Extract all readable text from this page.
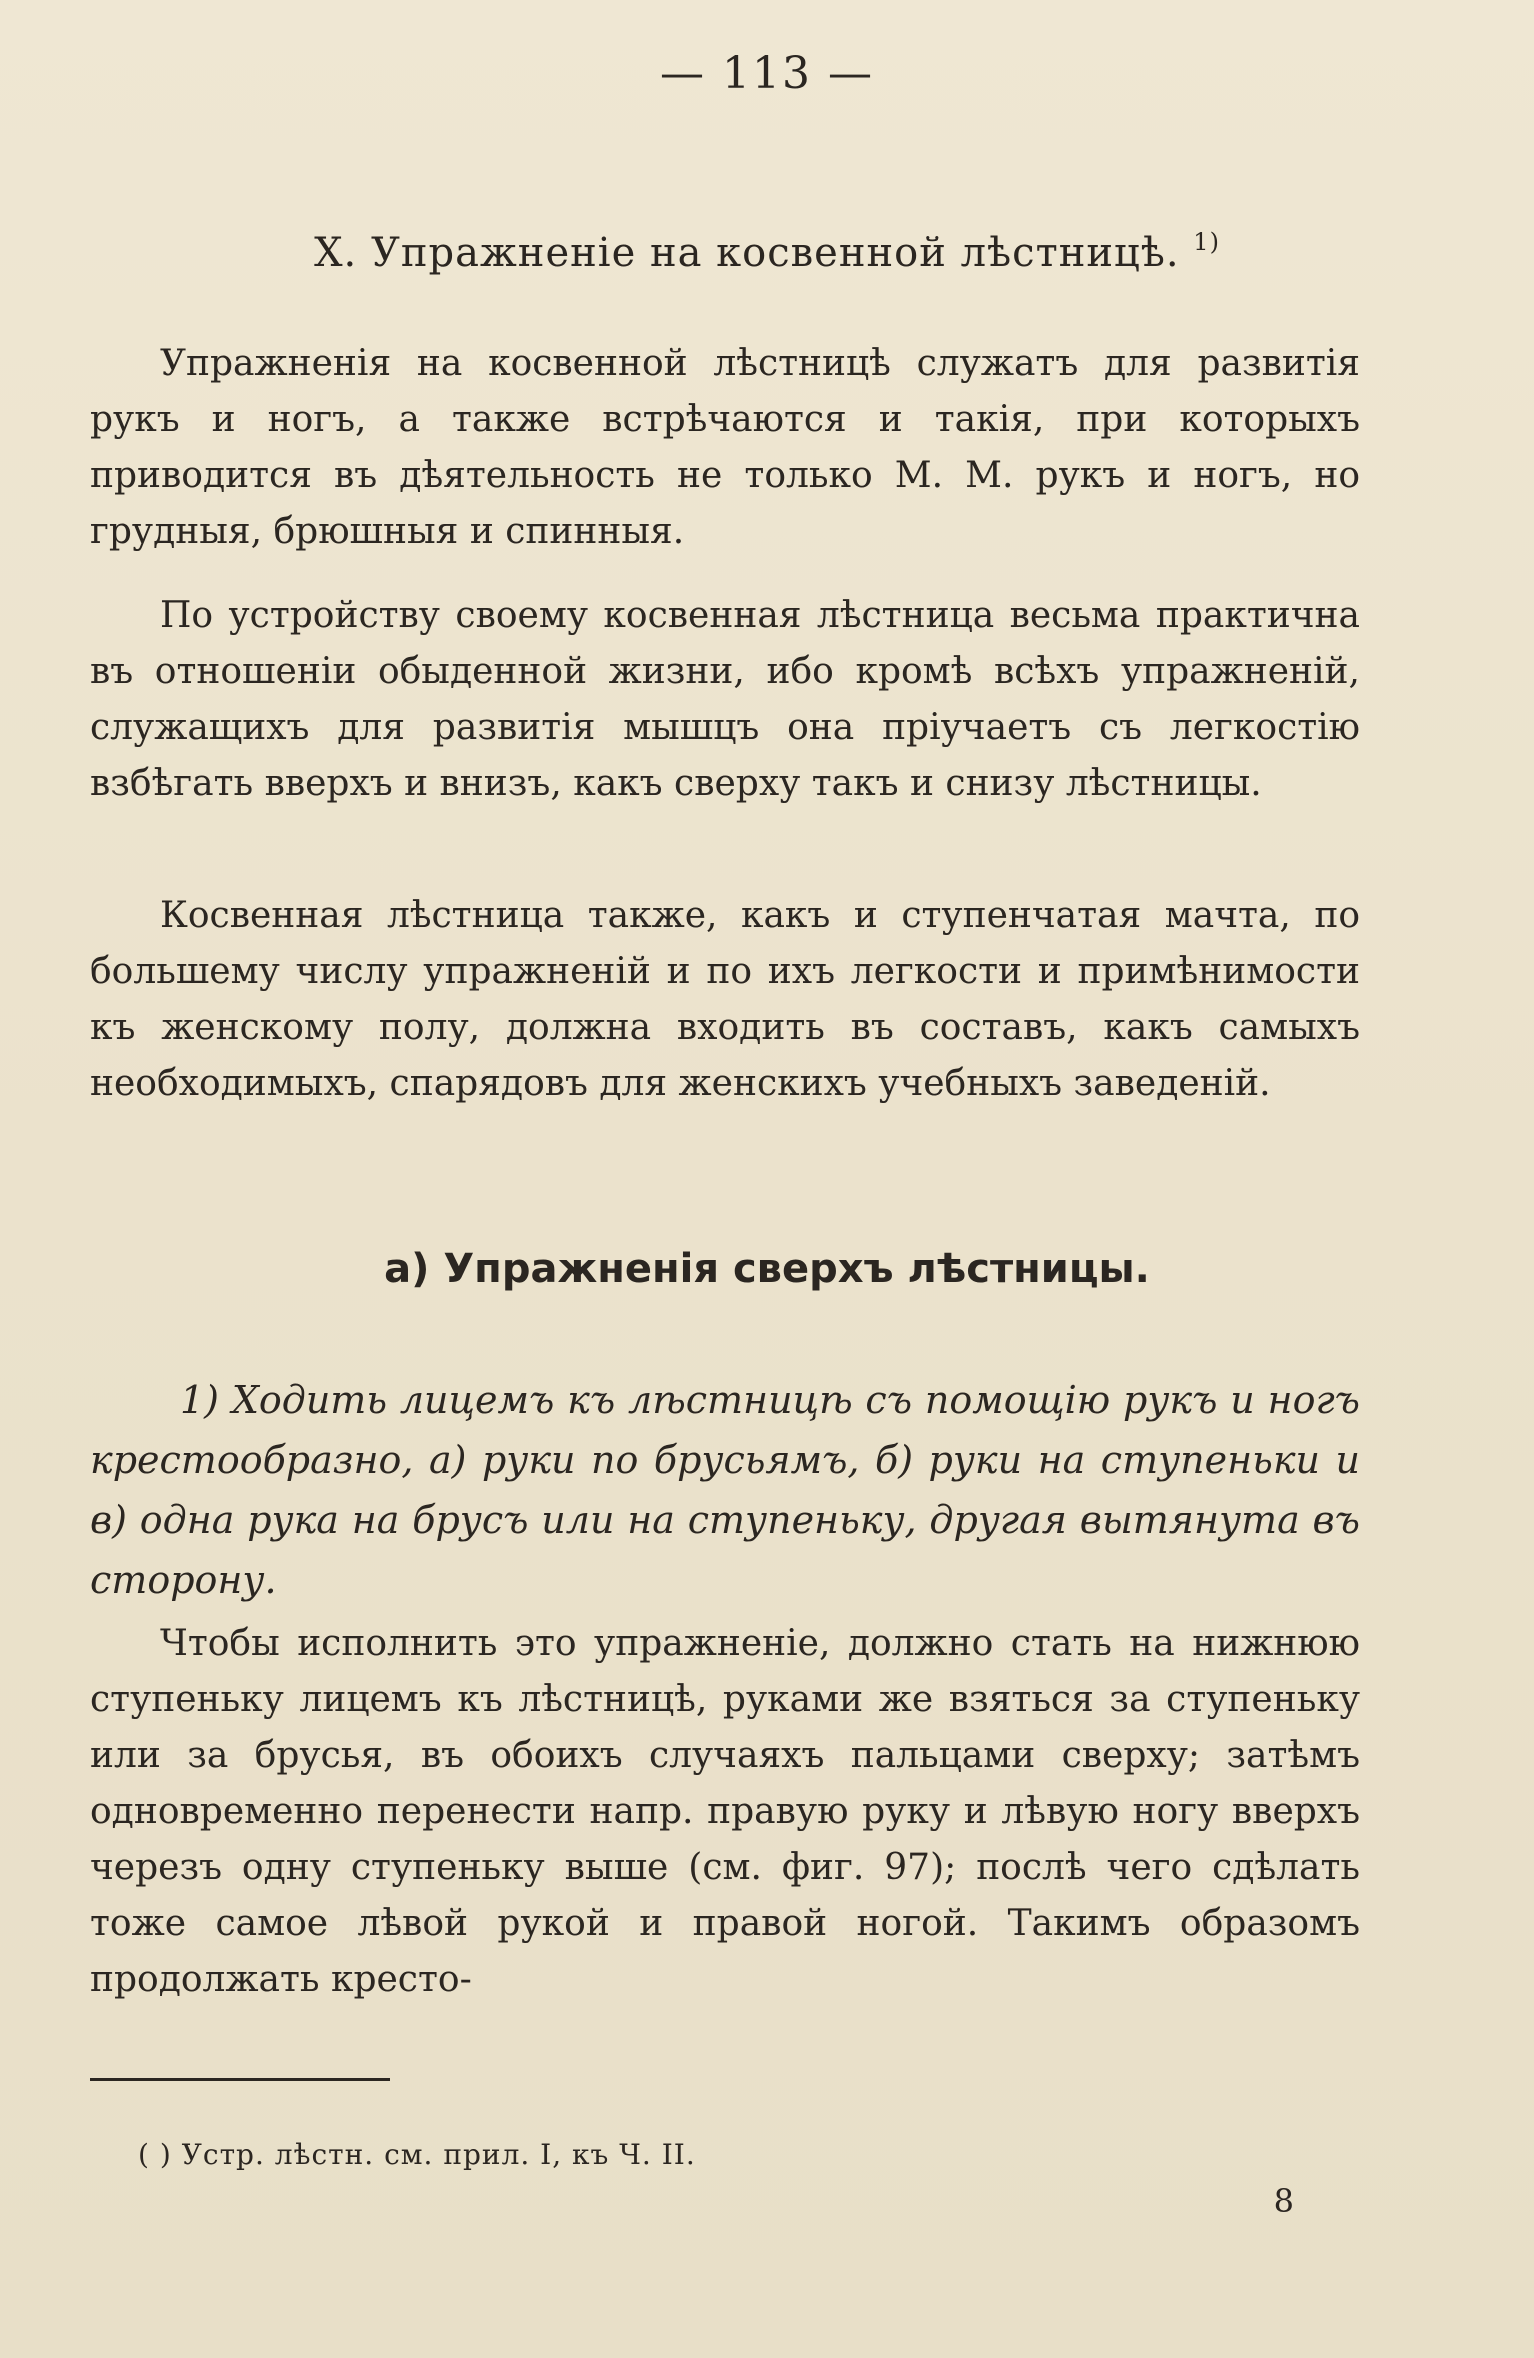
— 113 —
Х. Упражненiе на косвенной лѣстницѣ. $^{1)}$

Упражненія на косвенной лѣстницѣ служатъ для развитія рукъ и ногъ, а также встрѣчаются и такія, при которыхъ приводится въ дѣятельность не только М. М. рукъ и ногъ, но грудныя, брюшныя и спинныя.

По устройству своему косвенная лѣстница весьма практична въ отношеніи обыденной жизни, ибо кромѣ всѣхъ упражненій, служащихъ для развитія мышцъ она пріучаетъ съ легкостію взбѣгать вверхъ и внизъ, какъ сверху такъ и снизу лѣстницы.

Косвенная лѣстница также, какъ и ступенчатая мачта, по большему числу упражненій и по ихъ легкости и примѣнимости къ женскому полу, должна входить въ составъ, какъ самыхъ необходимыхъ, спарядовъ для женскихъ учебныхъ заведеній.

а) Упражненія сверхъ лѣстницы.
1) Ходить лицемъ къ лѣстницѣ съ помощію рукъ и ногъ крестообразно, а) руки по брусьямъ, б) руки на ступеньки и в) одна рука на брусъ или на ступеньку, другая вытянута въ сторону.

Чтобы исполнить это упражненіе, должно стать на нижнюю ступеньку лицемъ къ лѣстницѣ, руками же взяться за ступеньку или за брусья, въ обоихъ случаяхъ пальцами сверху; затѣмъ одновременно перенести напр. правую руку и лѣвую ногу вверхъ черезъ одну ступеньку выше (см. фиг. 97); послѣ чего сдѣлать тоже самое лѣвой рукой и правой ногой. Такимъ образомъ продолжать кресто-

( ) Устр. лѣстн. см. прил. I, къ Ч. II.
8
